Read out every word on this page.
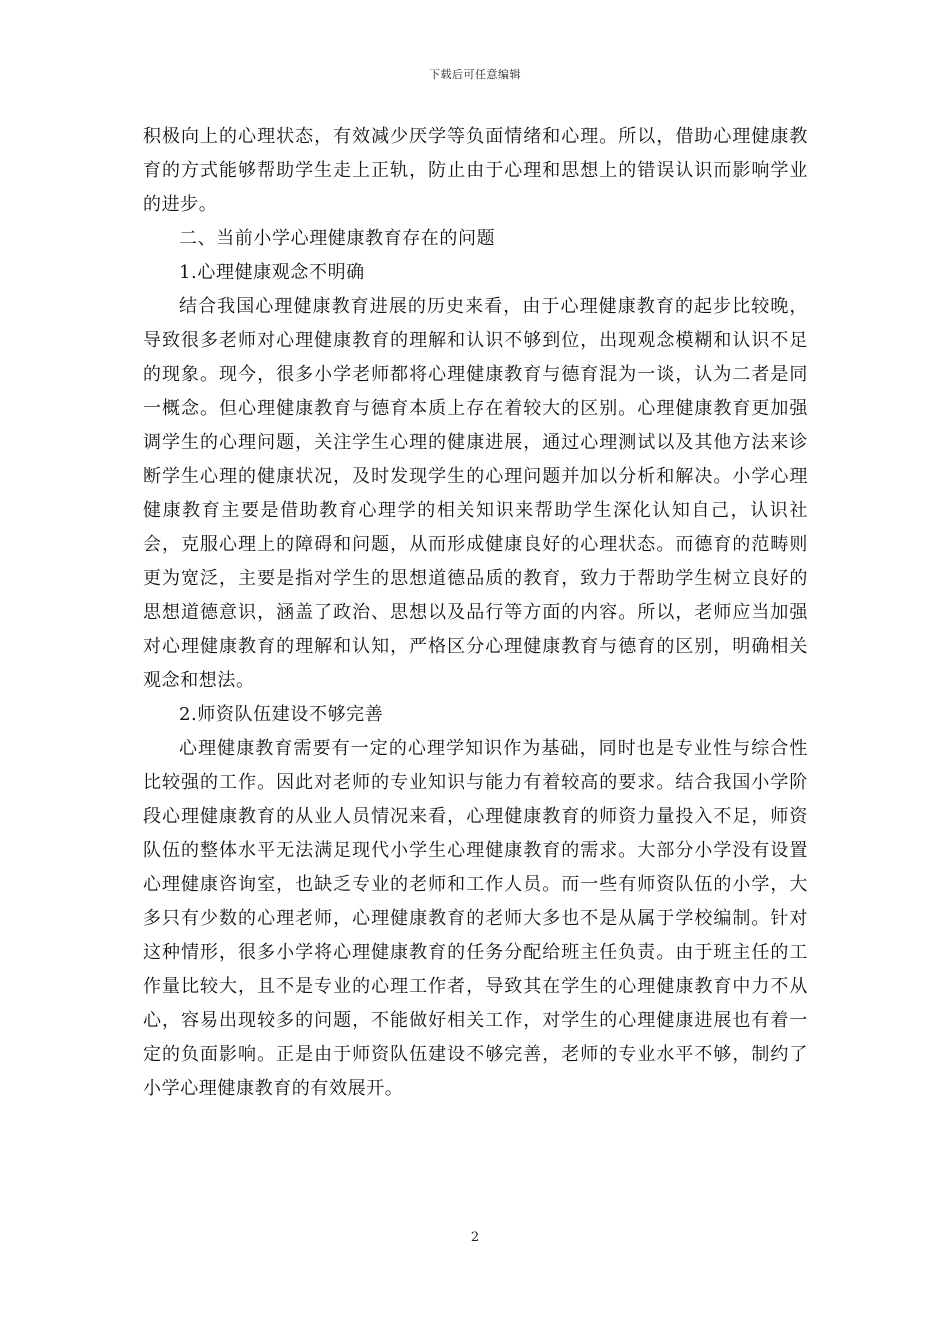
下载后可任意编辑

积极向上的心理状态，有效减少厌学等负面情绪和心理。所以，借助心理健康教育的方式能够帮助学生走上正轨，防止由于心理和思想上的错误认识而影响学业的进步。

二、当前小学心理健康教育存在的问题

1.心理健康观念不明确

结合我国心理健康教育进展的历史来看，由于心理健康教育的起步比较晚，导致很多老师对心理健康教育的理解和认识不够到位，出现观念模糊和认识不足的现象。现今，很多小学老师都将心理健康教育与德育混为一谈，认为二者是同一概念。但心理健康教育与德育本质上存在着较大的区别。心理健康教育更加强调学生的心理问题，关注学生心理的健康进展，通过心理测试以及其他方法来诊断学生心理的健康状况，及时发现学生的心理问题并加以分析和解决。小学心理健康教育主要是借助教育心理学的相关知识来帮助学生深化认知自己，认识社会，克服心理上的障碍和问题，从而形成健康良好的心理状态。而德育的范畴则更为宽泛，主要是指对学生的思想道德品质的教育，致力于帮助学生树立良好的思想道德意识，涵盖了政治、思想以及品行等方面的内容。所以，老师应当加强对心理健康教育的理解和认知，严格区分心理健康教育与德育的区别，明确相关观念和想法。

2.师资队伍建设不够完善

心理健康教育需要有一定的心理学知识作为基础，同时也是专业性与综合性比较强的工作。因此对老师的专业知识与能力有着较高的要求。结合我国小学阶段心理健康教育的从业人员情况来看，心理健康教育的师资力量投入不足，师资队伍的整体水平无法满足现代小学生心理健康教育的需求。大部分小学没有设置心理健康咨询室，也缺乏专业的老师和工作人员。而一些有师资队伍的小学，大多只有少数的心理老师，心理健康教育的老师大多也不是从属于学校编制。针对这种情形，很多小学将心理健康教育的任务分配给班主任负责。由于班主任的工作量比较大，且不是专业的心理工作者，导致其在学生的心理健康教育中力不从心，容易出现较多的问题，不能做好相关工作，对学生的心理健康进展也有着一定的负面影响。正是由于师资队伍建设不够完善，老师的专业水平不够，制约了小学心理健康教育的有效展开。

2
